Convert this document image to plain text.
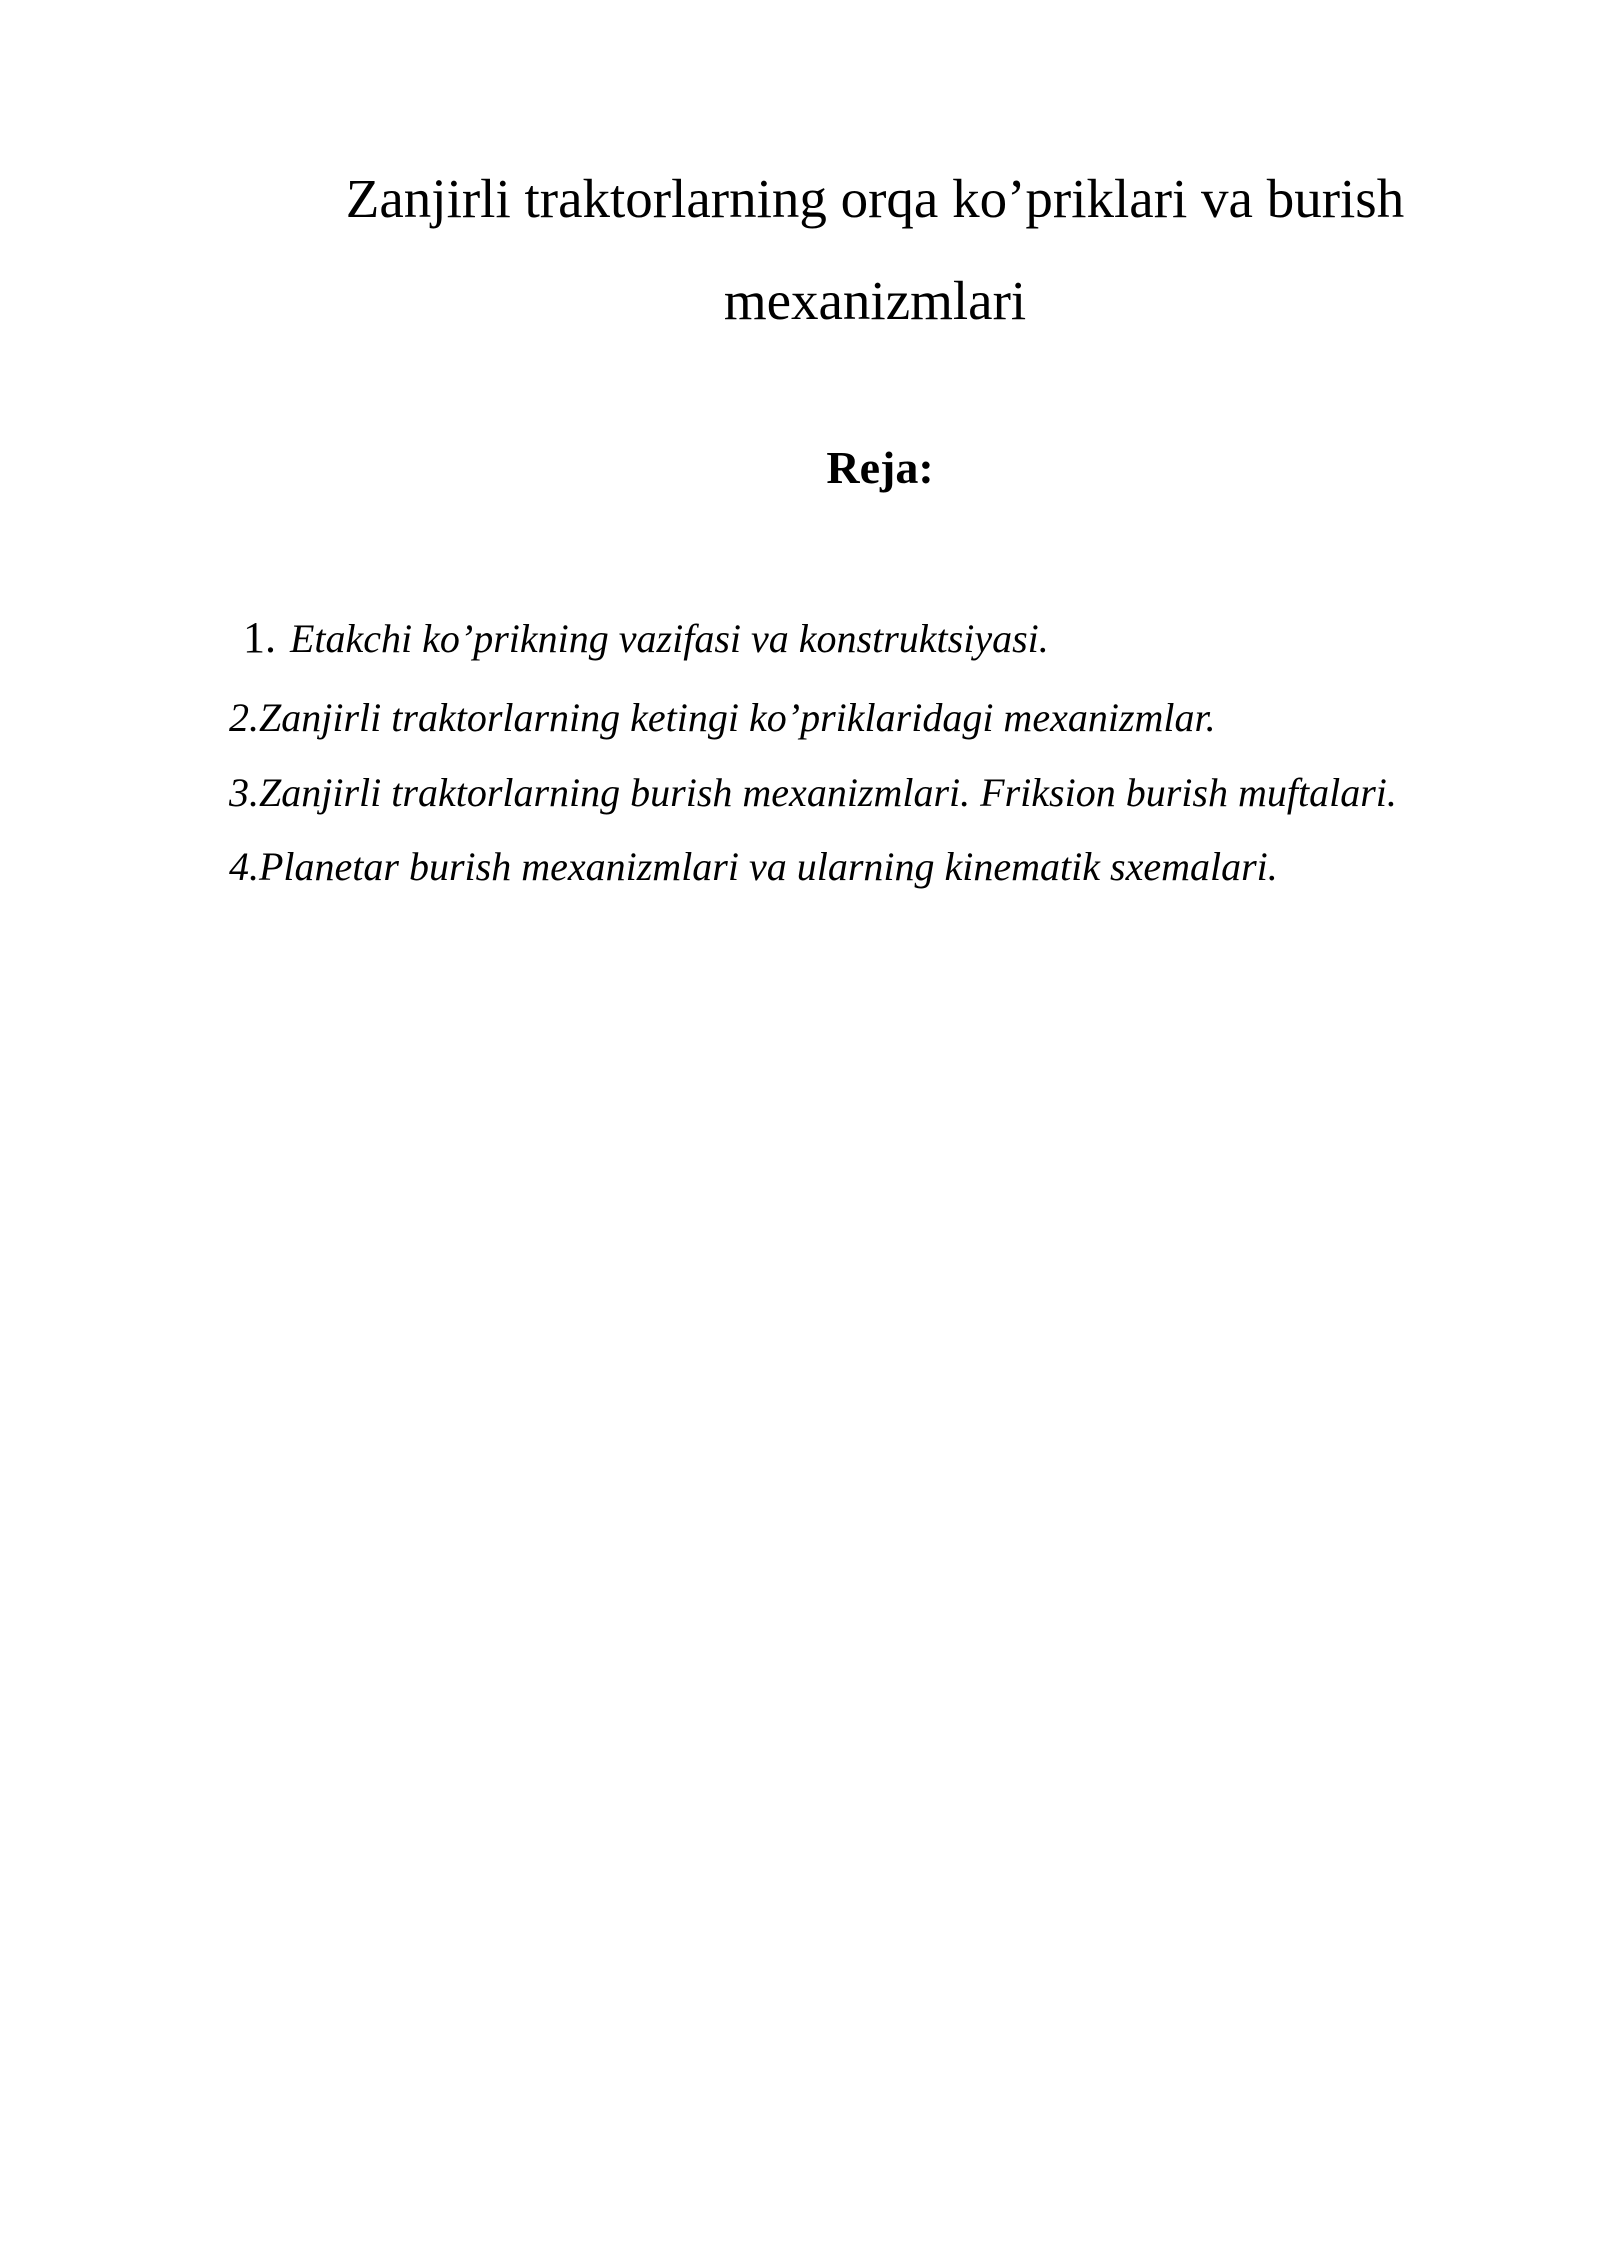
Zanjirli traktorlarning orqa ko’priklari va burish
mexanizmlari
Reja:
1. Etakchi ko’prikning vazifasi va konstruktsiyasi.
2.Zanjirli traktorlarning ketingi ko’priklaridagi mexanizmlar.
3.Zanjirli traktorlarning burish mexanizmlari. Friksion burish muftalari.
4.Planetar burish mexanizmlari va ularning kinematik sxemalari.
